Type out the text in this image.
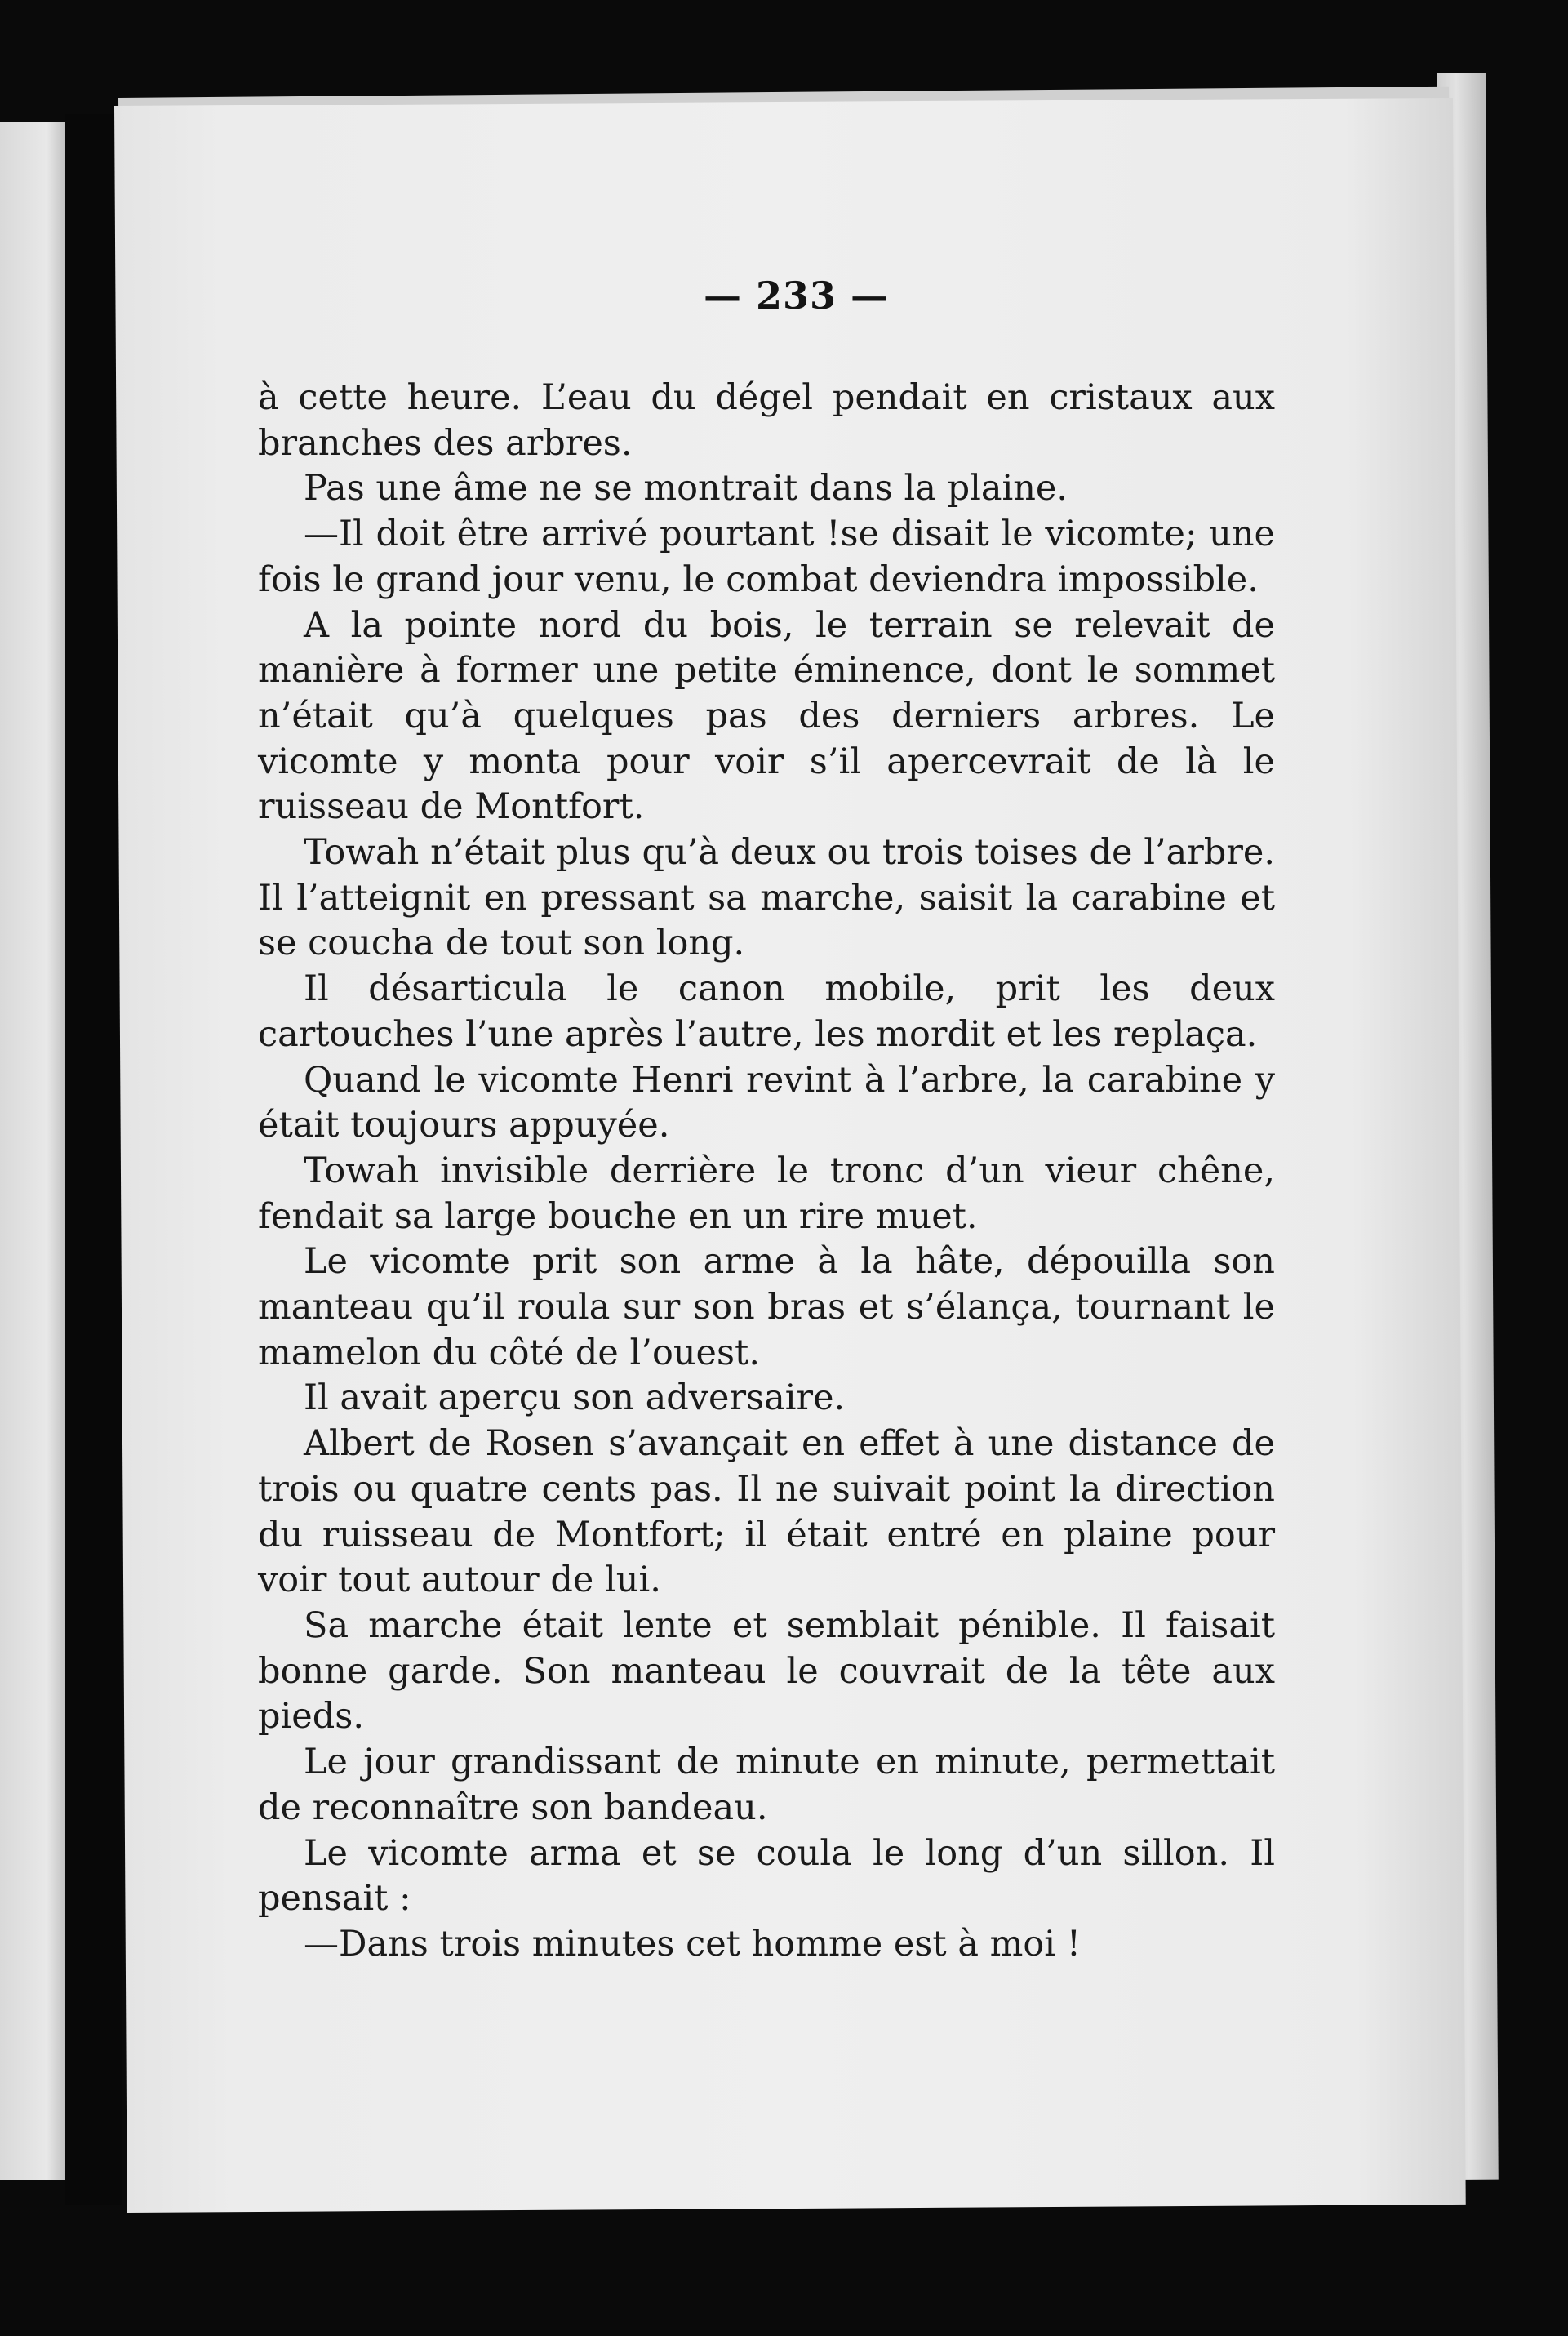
— 233 —

à cette heure. L’eau du dégel pendait en cristaux aux branches des arbres.

Pas une âme ne se montrait dans la plaine.

—Il doit être arrivé pourtant !se disait le vicomte; une fois le grand jour venu, le combat deviendra impossible.

A la pointe nord du bois, le terrain se relevait de manière à former une petite éminence, dont le sommet n’était qu’à quelques pas des derniers arbres. Le vicomte y monta pour voir s’il apercevrait de là le ruisseau de Montfort.

Towah n’était plus qu’à deux ou trois toises de l’arbre. Il l’atteignit en pressant sa marche, saisit la carabine et se coucha de tout son long.

Il désarticula le canon mobile, prit les deux cartouches l’une après l’autre, les mordit et les replaça.

Quand le vicomte Henri revint à l’arbre, la carabine y était toujours appuyée.

Towah invisible derrière le tronc d’un vieur chêne, fendait sa large bouche en un rire muet.

Le vicomte prit son arme à la hâte, dépouilla son manteau qu’il roula sur son bras et s’élança, tournant le mamelon du côté de l’ouest.

Il avait aperçu son adversaire.

Albert de Rosen s’avançait en effet à une distance de trois ou quatre cents pas. Il ne suivait point la direction du ruisseau de Montfort; il était entré en plaine pour voir tout autour de lui.

Sa marche était lente et semblait pénible. Il faisait bonne garde. Son manteau le couvrait de la tête aux pieds.

Le jour grandissant de minute en minute, permettait de reconnaître son bandeau.

Le vicomte arma et se coula le long d’un sillon. Il pensait :

—Dans trois minutes cet homme est à moi !
